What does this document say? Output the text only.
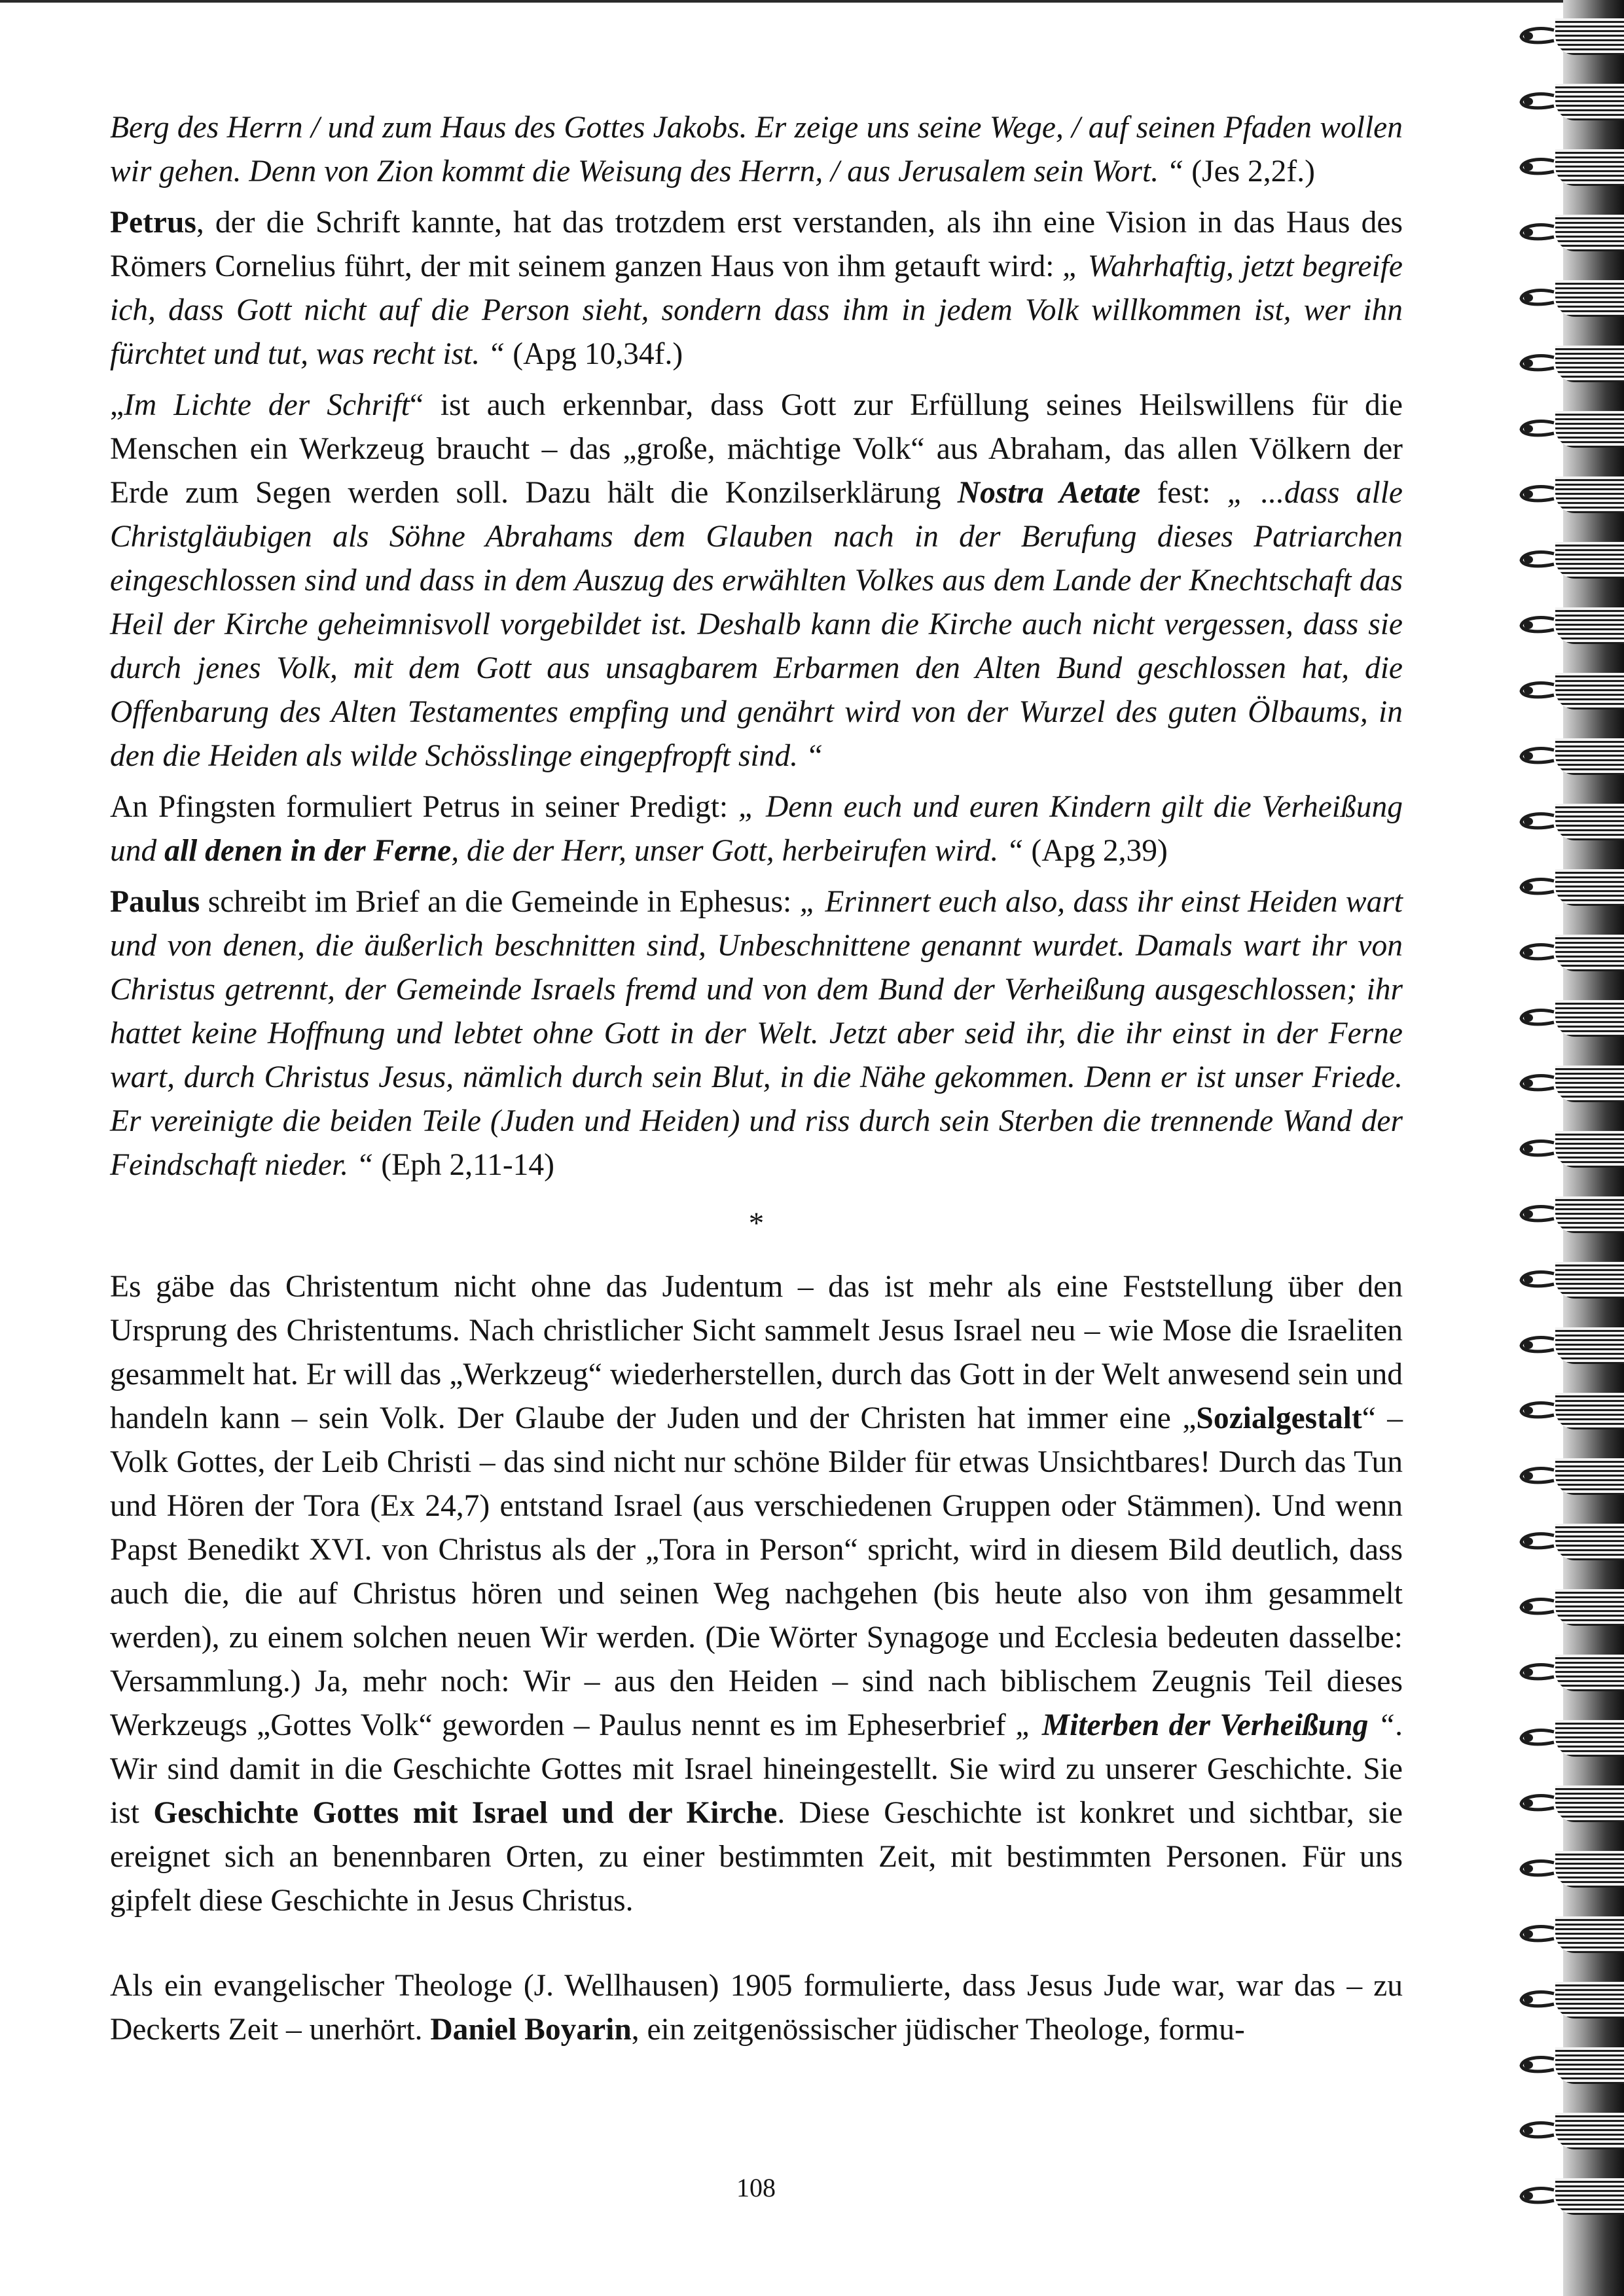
Berg des Herrn / und zum Haus des Gottes Jakobs. Er zeige uns seine Wege, / auf seinen Pfaden wollen wir gehen. Denn von Zion kommt die Weisung des Herrn, / aus Jerusalem sein Wort. “ (Jes 2,2f.)

Petrus, der die Schrift kannte, hat das trotzdem erst verstanden, als ihn eine Vision in das Haus des Römers Cornelius führt, der mit seinem ganzen Haus von ihm getauft wird: „ Wahrhaftig, jetzt begreife ich, dass Gott nicht auf die Person sieht, sondern dass ihm in jedem Volk willkommen ist, wer ihn fürchtet und tut, was recht ist. “ (Apg 10,34f.)

„Im Lichte der Schrift“ ist auch erkennbar, dass Gott zur Erfüllung seines Heilswillens für die Menschen ein Werkzeug braucht – das „große, mächtige Volk“ aus Abraham, das allen Völkern der Erde zum Segen werden soll. Dazu hält die Konzilserklärung Nostra Aetate fest: „ ...dass alle Christgläubigen als Söhne Abrahams dem Glauben nach in der Berufung dieses Patriarchen eingeschlossen sind und dass in dem Auszug des erwählten Volkes aus dem Lande der Knechtschaft das Heil der Kirche geheimnisvoll vorgebildet ist. Deshalb kann die Kirche auch nicht vergessen, dass sie durch jenes Volk, mit dem Gott aus unsagbarem Erbarmen den Alten Bund geschlossen hat, die Offenbarung des Alten Testamentes empfing und genährt wird von der Wurzel des guten Ölbaums, in den die Heiden als wilde Schösslinge eingepfropft sind. “

An Pfingsten formuliert Petrus in seiner Predigt: „ Denn euch und euren Kindern gilt die Verheißung und all denen in der Ferne, die der Herr, unser Gott, herbeirufen wird. “ (Apg 2,39)

Paulus schreibt im Brief an die Gemeinde in Ephesus: „ Erinnert euch also, dass ihr einst Heiden wart und von denen, die äußerlich beschnitten sind, Unbeschnittene genannt wurdet. Damals wart ihr von Christus getrennt, der Gemeinde Israels fremd und von dem Bund der Verheißung ausgeschlossen; ihr hattet keine Hoffnung und lebtet ohne Gott in der Welt. Jetzt aber seid ihr, die ihr einst in der Ferne wart, durch Christus Jesus, nämlich durch sein Blut, in die Nähe gekommen. Denn er ist unser Friede. Er vereinigte die beiden Teile (Juden und Heiden) und riss durch sein Sterben die trennende Wand der Feindschaft nieder. “ (Eph 2,11-14)

*

Es gäbe das Christentum nicht ohne das Judentum – das ist mehr als eine Feststellung über den Ursprung des Christentums. Nach christlicher Sicht sammelt Jesus Israel neu – wie Mose die Israeliten gesammelt hat. Er will das „Werkzeug“ wiederherstellen, durch das Gott in der Welt anwesend sein und handeln kann – sein Volk. Der Glaube der Juden und der Christen hat immer eine „Sozialgestalt“ – Volk Gottes, der Leib Christi – das sind nicht nur schöne Bilder für etwas Unsichtbares! Durch das Tun und Hören der Tora (Ex 24,7) entstand Israel (aus verschiedenen Gruppen oder Stämmen). Und wenn Papst Benedikt XVI. von Christus als der „Tora in Person“ spricht, wird in diesem Bild deutlich, dass auch die, die auf Christus hören und seinen Weg nachgehen (bis heute also von ihm gesammelt werden), zu einem solchen neuen Wir werden. (Die Wörter Synagoge und Ecclesia bedeuten dasselbe: Versammlung.) Ja, mehr noch: Wir – aus den Heiden – sind nach biblischem Zeugnis Teil dieses Werkzeugs „Gottes Volk“ geworden – Paulus nennt es im Epheserbrief „ Miterben der Verheißung “. Wir sind damit in die Geschichte Gottes mit Israel hineingestellt. Sie wird zu unserer Geschichte. Sie ist Geschichte Gottes mit Israel und der Kirche. Diese Geschichte ist konkret und sichtbar, sie ereignet sich an benennbaren Orten, zu einer bestimmten Zeit, mit bestimmten Personen. Für uns gipfelt diese Geschichte in Jesus Christus.

Als ein evangelischer Theologe (J. Wellhausen) 1905 formulierte, dass Jesus Jude war, war das – zu Deckerts Zeit – unerhört. Daniel Boyarin, ein zeitgenössischer jüdischer Theologe, formu-

108
